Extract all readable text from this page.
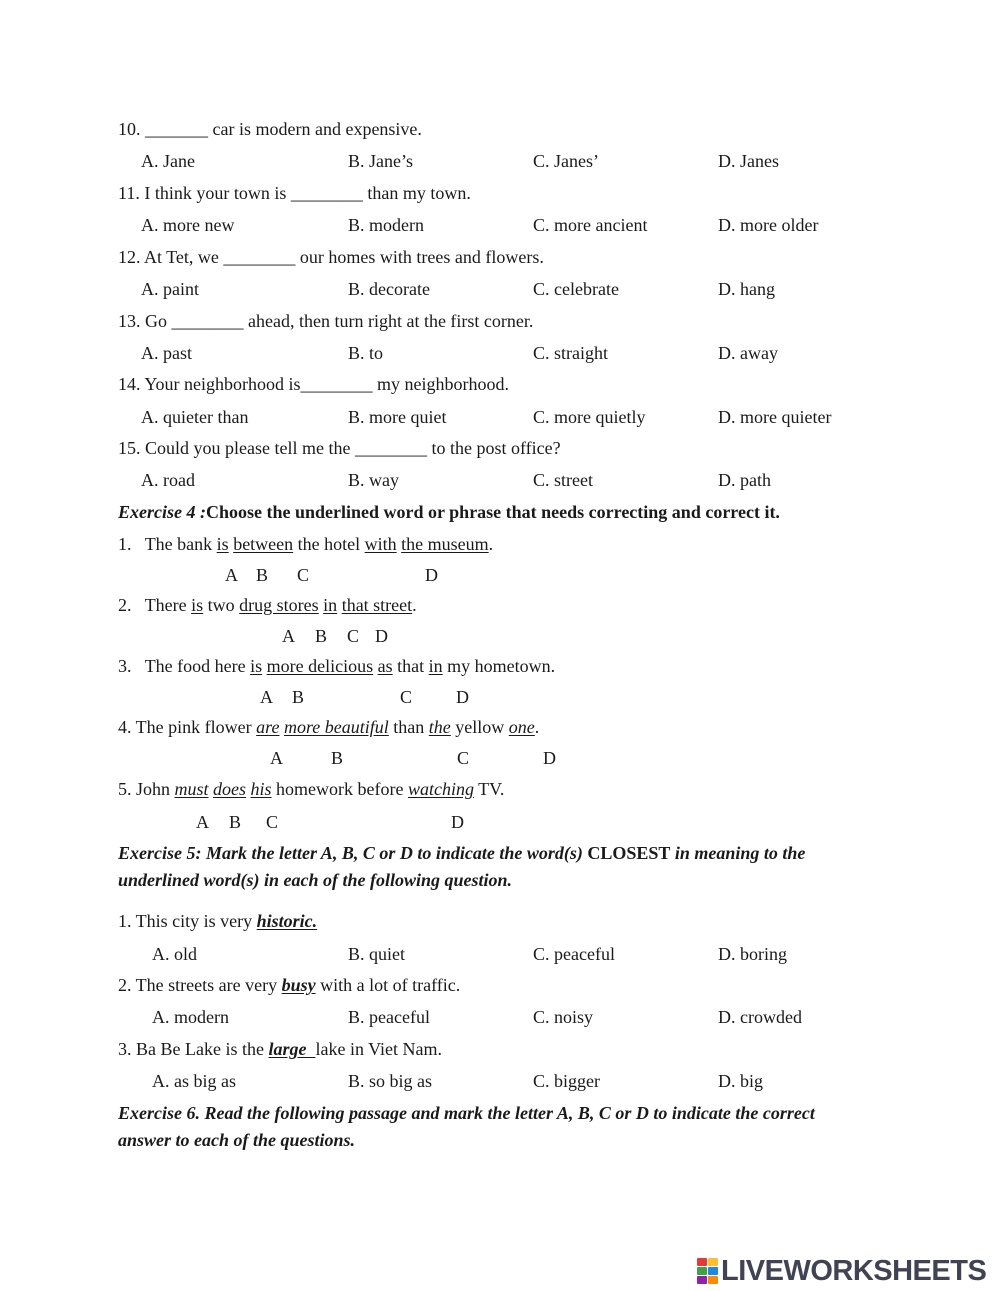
10. _______ car is modern and expensive.
A. Jane	B. Jane’s	C. Janes’	D. Janes
11. I think your town is ________ than my town.
A. more new	B. modern	C. more ancient	D. more older
12. At Tet, we ________ our homes with trees and flowers.
A. paint	B. decorate	C. celebrate	D. hang
13. Go ________ ahead, then turn right at the first corner.
A. past	B. to	C. straight	D. away
14. Your neighborhood is________ my neighborhood.
A. quieter than	B. more quiet	C. more quietly	D. more quieter
15. Could you please tell me the ________ to the post office?
A. road	B. way	C. street	D. path
Exercise 4 :Choose the underlined word or phrase that needs correcting and correct it.
1. The bank is between the hotel with the museum.
A B C	D
2. There is two drug stores in that street.
A B C D
3. The food here is more delicious as that in my hometown.
A B	C D
4. The pink flower are more beautiful than the yellow one.
A	B	C	D
5. John must does his homework before watching TV.
A B C	D
Exercise 5: Mark the letter A, B, C or D to indicate the word(s) CLOSEST in meaning to the
underlined word(s) in each of the following question.
1. This city is very historic.
A. old	B. quiet	C. peaceful	D. boring
2. The streets are very busy with a lot of traffic.
A. modern	B. peaceful	C. noisy	D. crowded
3. Ba Be Lake is the large  lake in Viet Nam.
A. as big as	B. so big as	C. bigger	D. big
Exercise 6. Read the following passage and mark the letter A, B, C or D to indicate the correct
answer to each of the questions.
LIVEWORKSHEETS
